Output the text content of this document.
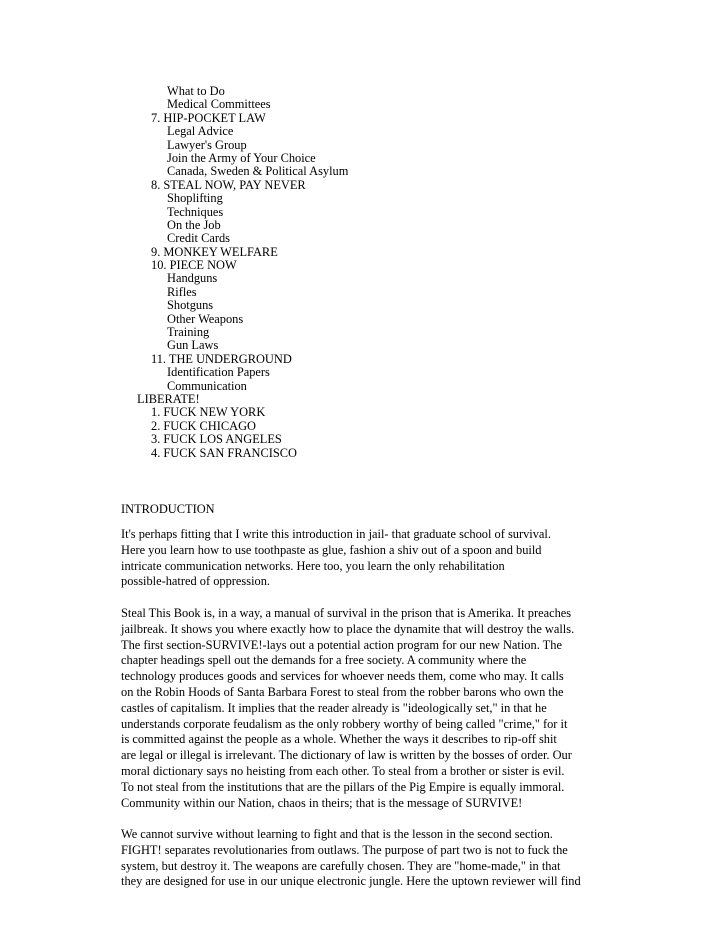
What to Do
Medical Committees
7. HIP-POCKET LAW
Legal Advice
Lawyer's Group
Join the Army of Your Choice
Canada, Sweden & Political Asylum
8. STEAL NOW, PAY NEVER
Shoplifting
Techniques
On the Job
Credit Cards
9. MONKEY WELFARE
10. PIECE NOW
Handguns
Rifles
Shotguns
Other Weapons
Training
Gun Laws
11. THE UNDERGROUND
Identification Papers
Communication
LIBERATE!
1. FUCK NEW YORK
2. FUCK CHICAGO
3. FUCK LOS ANGELES
4. FUCK SAN FRANCISCO
INTRODUCTION

It's perhaps fitting that I write this introduction in jail- that graduate school of survival.
Here you learn how to use toothpaste as glue, fashion a shiv out of a spoon and build
intricate communication networks. Here too, you learn the only rehabilitation
possible-hatred of oppression.

Steal This Book is, in a way, a manual of survival in the prison that is Amerika. It preaches
jailbreak. It shows you where exactly how to place the dynamite that will destroy the walls.
The first section-SURVIVE!-lays out a potential action program for our new Nation. The
chapter headings spell out the demands for a free society. A community where the
technology produces goods and services for whoever needs them, come who may. It calls
on the Robin Hoods of Santa Barbara Forest to steal from the robber barons who own the
castles of capitalism. It implies that the reader already is "ideologically set," in that he
understands corporate feudalism as the only robbery worthy of being called "crime," for it
is committed against the people as a whole. Whether the ways it describes to rip-off shit
are legal or illegal is irrelevant. The dictionary of law is written by the bosses of order. Our
moral dictionary says no heisting from each other. To steal from a brother or sister is evil.
To not steal from the institutions that are the pillars of the Pig Empire is equally immoral.

Community within our Nation, chaos in theirs; that is the message of SURVIVE!

We cannot survive without learning to fight and that is the lesson in the second section.
FIGHT! separates revolutionaries from outlaws. The purpose of part two is not to fuck the
system, but destroy it. The weapons are carefully chosen. They are "home-made," in that
they are designed for use in our unique electronic jungle. Here the uptown reviewer will find
